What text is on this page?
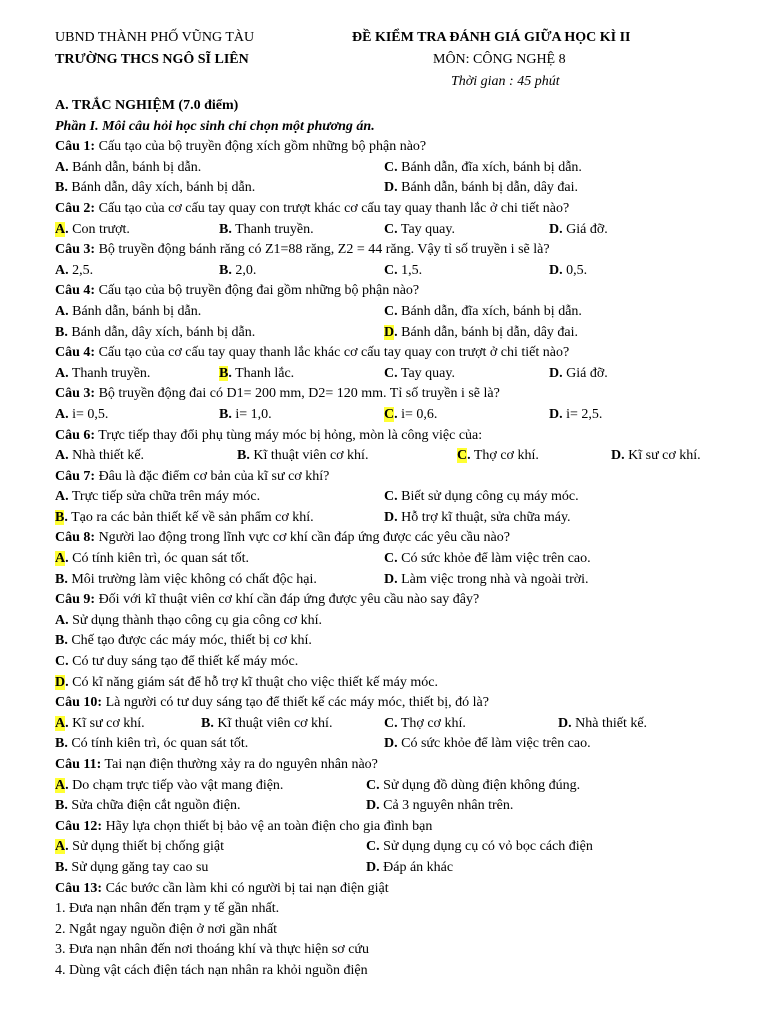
UBND THÀNH PHỐ VŨNG TÀU
TRƯỜNG THCS NGÔ SĨ LIÊN
ĐỀ KIỂM TRA ĐÁNH GIÁ GIỮA HỌC KÌ II
MÔN: CÔNG NGHỆ 8
Thời gian : 45 phút
A. TRẮC NGHIỆM (7.0 điểm)
Phần I. Môi câu hỏi học sinh chỉ chọn một phương án.
Câu 1: Cấu tạo của bộ truyền động xích gồm những bộ phận nào?
A. Bánh dẫn, bánh bị dẫn.	C. Bánh dẫn, đĩa xích, bánh bị dẫn.
B. Bánh dẫn, dây xích, bánh bị dẫn.	D. Bánh dẫn, bánh bị dẫn, dây đai.
Câu 2: Cấu tạo của cơ cấu tay quay con trượt khác cơ cấu tay quay thanh lắc ở chi tiết nào?
A. Con trượt.	B. Thanh truyền.	C. Tay quay.	D. Giá đỡ.
Câu 3: Bộ truyền động bánh răng có Z1=88 răng, Z2 = 44 răng. Vậy tỉ số truyền i sẽ là?
A. 2,5.	B. 2,0.	C. 1,5.	D. 0,5.
Câu 4: Cấu tạo của bộ truyền động đai gồm những bộ phận nào?
A. Bánh dẫn, bánh bị dẫn.	C. Bánh dẫn, đĩa xích, bánh bị dẫn.
B. Bánh dẫn, dây xích, bánh bị dẫn.	D. Bánh dẫn, bánh bị dẫn, dây đai.
Câu 4: Cấu tạo của cơ cấu tay quay thanh lắc khác cơ cấu tay quay con trượt ở chi tiết nào?
A. Thanh truyền.	B. Thanh lắc.	C. Tay quay.	D. Giá đỡ.
Câu 3: Bộ truyền động đai có D1= 200 mm, D2= 120 mm. Tỉ số truyền i sẽ là?
A. i= 0,5.	B. i= 1,0.	C. i= 0,6.	D. i= 2,5.
Câu 6: Trực tiếp thay đổi phụ tùng máy móc bị hỏng, mòn là công việc của:
A. Nhà thiết kế.	B. Kĩ thuật viên cơ khí.	C. Thợ cơ khí.	D. Kĩ sư cơ khí.
Câu 7: Đâu là đặc điểm cơ bản của kĩ sư cơ khí?
A. Trực tiếp sửa chữa trên máy móc.	C. Biết sử dụng công cụ máy móc.
B. Tạo ra các bản thiết kế về sản phẩm cơ khí.	D. Hỗ trợ kĩ thuật, sửa chữa máy.
Câu 8: Người lao động trong lĩnh vực cơ khí cần đáp ứng được các yêu cầu nào?
A. Có tính kiên trì, óc quan sát tốt.	C. Có sức khỏe để làm việc trên cao.
B. Môi trường làm việc không có chất độc hại.	D. Làm việc trong nhà và ngoài trời.
Câu 9: Đối với kĩ thuật viên cơ khí cần đáp ứng được yêu cầu nào say đây?
A. Sử dụng thành thạo công cụ gia công cơ khí.
B. Chế tạo được các máy móc, thiết bị cơ khí.
C. Có tư duy sáng tạo để thiết kế máy móc.
D. Có kĩ năng giám sát để hỗ trợ kĩ thuật cho việc thiết kế máy móc.
Câu 10: Là người có tư duy sáng tạo để thiết kế các máy móc, thiết bị, đó là?
A. Kĩ sư cơ khí.	B. Kĩ thuật viên cơ khí.	C. Thợ cơ khí.	D. Nhà thiết kế.
B. Có tính kiên trì, óc quan sát tốt.	D. Có sức khỏe để làm việc trên cao.
Câu 11: Tai nạn điện thường xảy ra do nguyên nhân nào?
A. Do chạm trực tiếp vào vật mang điện.	C. Sử dụng đồ dùng điện không đúng.
B. Sửa chữa điện cắt nguồn điện.	D. Cả 3 nguyên nhân trên.
Câu 12: Hãy lựa chọn thiết bị bảo vệ an toàn điện cho gia đình bạn
A. Sử dụng thiết bị chống giật	C. Sử dụng dụng cụ có vỏ bọc cách điện
B. Sử dụng găng tay cao su	D. Đáp án khác
Câu 13: Các bước cần làm khi có người bị tai nạn điện giật
1. Đưa nạn nhân đến trạm y tế gần nhất.
2. Ngắt ngay nguồn điện ở nơi gần nhất
3. Đưa nạn nhân đến nơi thoáng khí và thực hiện sơ cứu
4. Dùng vật cách điện tách nạn nhân ra khỏi nguồn điện
